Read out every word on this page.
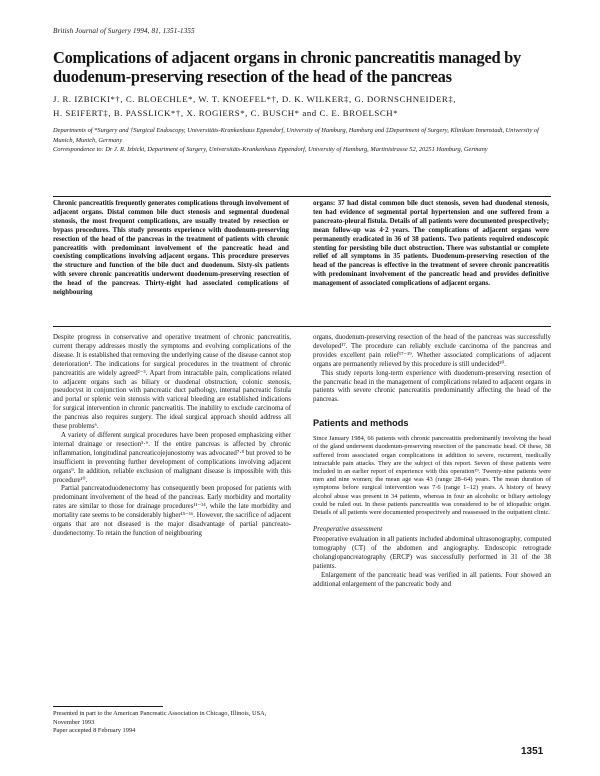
British Journal of Surgery 1994, 81, 1351-1355
Complications of adjacent organs in chronic pancreatitis managed by duodenum-preserving resection of the head of the pancreas
J. R. IZBICKI*†, C. BLOECHLE*, W. T. KNOEFEL*†, D. K. WILKER‡, G. DORNSCHNEIDER‡,
H. SEIFERT‡, B. PASSLICK*†, X. ROGIERS*, C. BUSCH* and C. E. BROELSCH*

Departments of *Surgery and †Surgical Endoscopy, Universitäts-Krankenhaus Eppendorf, University of Hamburg, Hamburg and ‡Department of Surgery, Klinikum Innenstadt, University of Munich, Munich, Germany

Correspondence to: Dr J. R. Izbicki, Department of Surgery, Universitäts-Krankenhaus Eppendorf, University of Hamburg, Martinistrasse 52, 20251 Hamburg, Germany

Chronic pancreatitis frequently generates complications through involvement of adjacent organs. Distal common bile duct stenosis and segmental duodenal stenosis, the most frequent complications, are usually treated by resection or bypass procedures. This study presents experience with duodenum-preserving resection of the head of the pancreas in the treatment of patients with chronic pancreatitis with predominant involvement of the pancreatic head and coexisting complications involving adjacent organs. This procedure preserves the structure and function of the bile duct and duodenum. Sixty-six patients with severe chronic pancreatitis underwent duodenum-preserving resection of the head of the pancreas. Thirty-eight had associated complications of neighbouring

organs: 37 had distal common bile duct stenosis, seven had duodenal stenosis, ten had evidence of segmental portal hypertension and one suffered from a pancreato-pleural fistula. Details of all patients were documented prospectively; mean follow-up was 4·2 years. The complications of adjacent organs were permanently eradicated in 36 of 38 patients. Two patients required endoscopic stenting for persisting bile duct obstruction. There was substantial or complete relief of all symptoms in 35 patients. Duodenum-preserving resection of the head of the pancreas is effective in the treatment of severe chronic pancreatitis with predominant involvement of the pancreatic head and provides definitive management of associated complications of adjacent organs.

Despite progress in conservative and operative treatment of chronic pancreatitis, current therapy addresses mostly the symptoms and evolving complications of the disease. It is established that removing the underlying cause of the disease cannot stop deterioration¹. The indications for surgical procedures in the treatment of chronic pancreatitis are widely agreed²⁻⁵. Apart from intractable pain, complications related to adjacent organs such as biliary or duodenal obstruction, colonic stenosis, pseudocyst in conjunction with pancreatic duct pathology, internal pancreatic fistula and portal or splenic vein stenosis with variceal bleeding are established indications for surgical intervention in chronic pancreatitis. The inability to exclude carcinoma of the pancreas also requires surgery. The ideal surgical approach should address all these problems⁶.

A variety of different surgical procedures have been proposed emphasizing either internal drainage or resection⁵·⁶. If the entire pancreas is affected by chronic inflammation, longitudinal pancreaticojejunostomy was advocated⁷·⁸ but proved to be insufficient in preventing further development of complications involving adjacent organs⁹. In addition, reliable exclusion of malignant disease is impossible with this procedure¹⁰.

Partial pancreatoduodenectomy has consequently been proposed for patients with predominant involvement of the head of the pancreas. Early morbidity and mortality rates are similar to those for drainage procedures¹¹⁻¹⁴, while the late morbidity and mortality rate seems to be considerably higher¹⁵⁻¹⁶. However, the sacrifice of adjacent organs that are not diseased is the major disadvantage of partial pancreato-duodenectomy. To retain the function of neighbouring

organs, duodenum-preserving resection of the head of the pancreas was successfully developed¹⁷. The procedure can reliably exclude carcinoma of the pancreas and provides excellent pain relief¹⁷⁻¹⁹. Whether associated complications of adjacent organs are permanently relieved by this procedure is still undecided²⁰.

This study reports long-term experience with duodenum-preserving resection of the pancreatic head in the management of complications related to adjacent organs in patients with severe chronic pancreatitis predominantly affecting the head of the pancreas.

Patients and methods

Since January 1984, 66 patients with chronic pancreatitis predominantly involving the head of the gland underwent duodenum-preserving resection of the pancreatic head. Of these, 38 suffered from associated organ complications in addition to severe, recurrent, medically intractable pain attacks. They are the subject of this report. Seven of these patients were included in an earlier report of experience with this operation¹⁹. Twenty-nine patients were men and nine women; the mean age was 43 (range 28–64) years. The mean duration of symptoms before surgical intervention was 7·6 (range 1–12) years. A history of heavy alcohol abuse was present in 34 patients, whereas in four an alcoholic or biliary aetiology could be ruled out. In these patients pancreatitis was considered to be of idiopathic origin. Details of all patients were documented prospectively and reassessed in the outpatient clinic.

Preoperative assessment

Preoperative evaluation in all patients included abdominal ultrasonography, computed tomography (CT) of the abdomen and angiography. Endoscopic retrograde cholangiopancreatography (ERCP) was successfully performed in 31 of the 38 patients.

Enlargement of the pancreatic head was verified in all patients. Four showed an additional enlargement of the pancreatic body and

Presented in part to the American Pancreatic Association in Chicago, Illinois, USA, November 1993

Paper accepted 8 February 1994

1351
